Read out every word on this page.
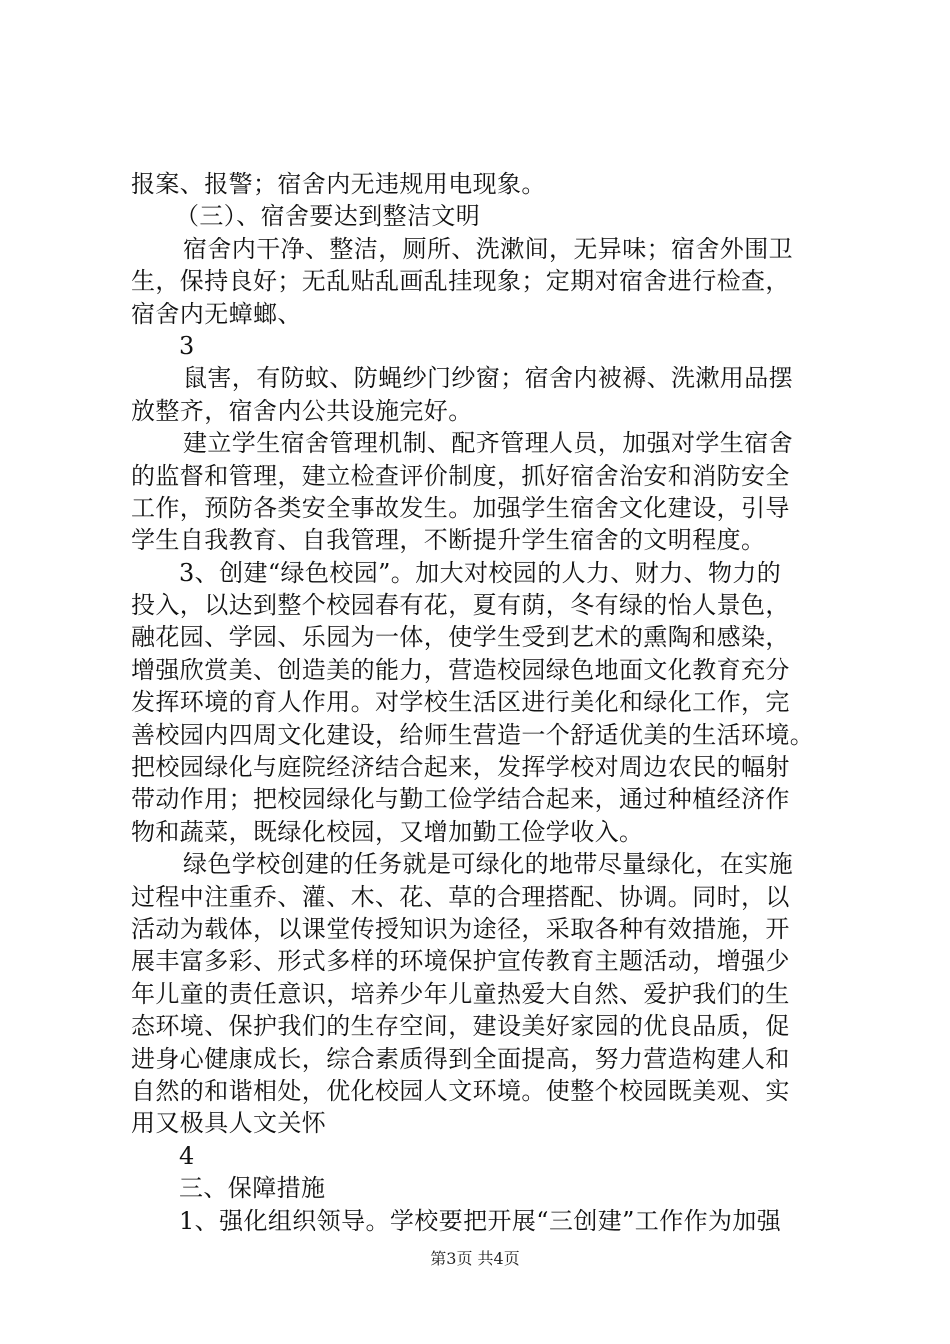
报案、报警；宿舍内无违规用电现象。
（三）、宿舍要达到整洁文明
宿舍内干净、整洁，厕所、洗漱间，无异味；宿舍外围卫
生，保持良好；无乱贴乱画乱挂现象；定期对宿舍进行检查，
宿舍内无蟑螂、
3
鼠害，有防蚊、防蝇纱门纱窗；宿舍内被褥、洗漱用品摆
放整齐，宿舍内公共设施完好。
建立学生宿舍管理机制、配齐管理人员，加强对学生宿舍
的监督和管理，建立检查评价制度，抓好宿舍治安和消防安全
工作，预防各类安全事故发生。加强学生宿舍文化建设，引导
学生自我教育、自我管理，不断提升学生宿舍的文明程度。
3、创建“绿色校园”。加大对校园的人力、财力、物力的
投入，以达到整个校园春有花，夏有荫，冬有绿的怡人景色，
融花园、学园、乐园为一体，使学生受到艺术的熏陶和感染，
增强欣赏美、创造美的能力，营造校园绿色地面文化教育充分
发挥环境的育人作用。对学校生活区进行美化和绿化工作，完
善校园内四周文化建设，给师生营造一个舒适优美的生活环境。
把校园绿化与庭院经济结合起来，发挥学校对周边农民的幅射
带动作用；把校园绿化与勤工俭学结合起来，通过种植经济作
物和蔬菜，既绿化校园，又增加勤工俭学收入。
绿色学校创建的任务就是可绿化的地带尽量绿化，在实施
过程中注重乔、灌、木、花、草的合理搭配、协调。同时，以
活动为载体，以课堂传授知识为途径，采取各种有效措施，开
展丰富多彩、形式多样的环境保护宣传教育主题活动，增强少
年儿童的责任意识，培养少年儿童热爱大自然、爱护我们的生
态环境、保护我们的生存空间，建设美好家园的优良品质，促
进身心健康成长，综合素质得到全面提高，努力营造构建人和
自然的和谐相处，优化校园人文环境。使整个校园既美观、实
用又极具人文关怀
4
三、保障措施
1、强化组织领导。学校要把开展“三创建”工作作为加强
第3页 共4页
